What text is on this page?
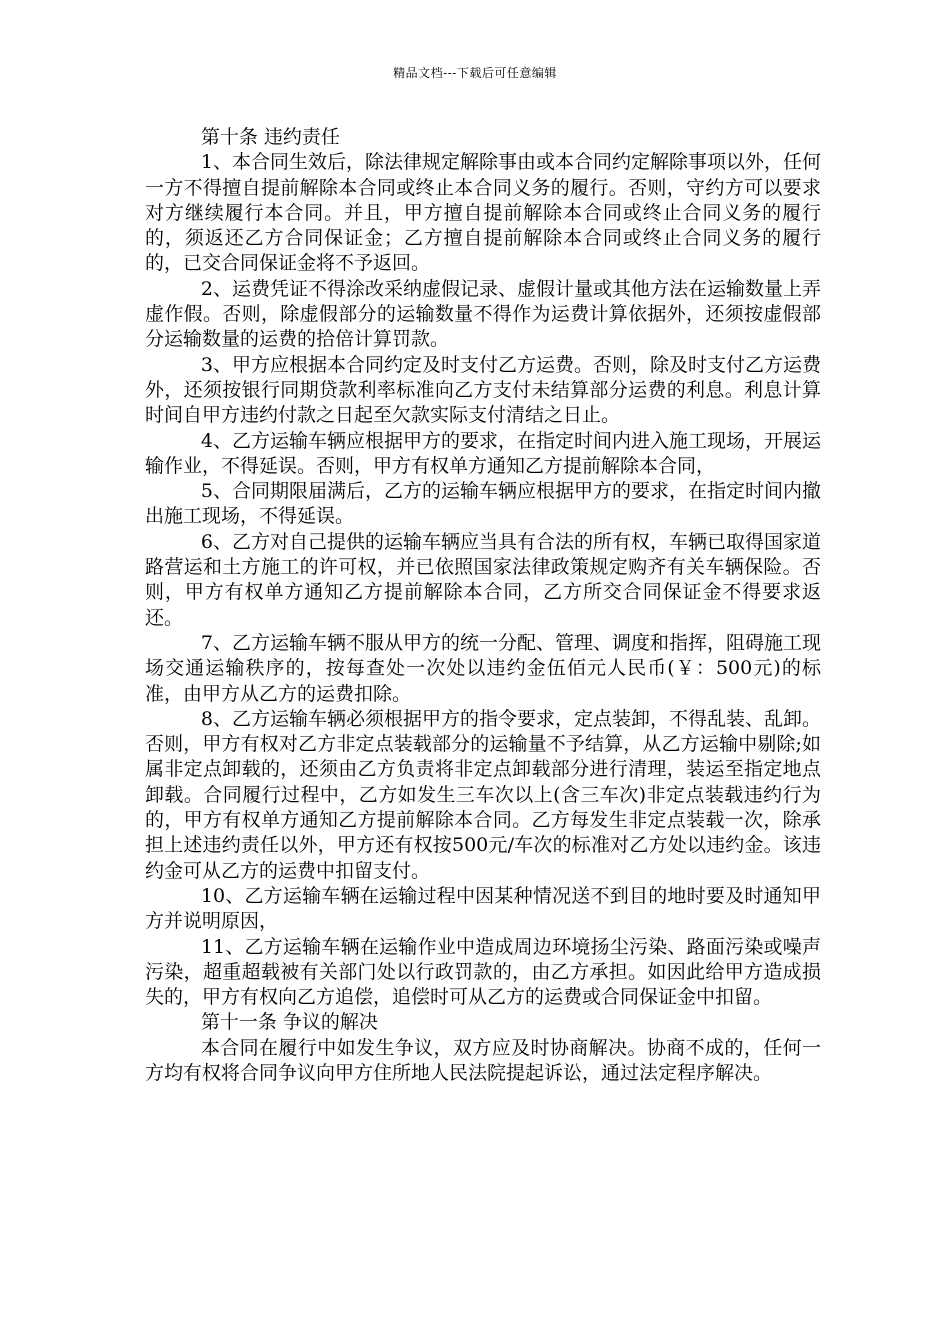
精品文档---下载后可任意编辑

第十条 违约责任

1、本合同生效后，除法律规定解除事由或本合同约定解除事项以外，任何一方不得擅自提前解除本合同或终止本合同义务的履行。否则，守约方可以要求对方继续履行本合同。并且，甲方擅自提前解除本合同或终止合同义务的履行的，须返还乙方合同保证金；乙方擅自提前解除本合同或终止合同义务的履行的，已交合同保证金将不予返回。

2、运费凭证不得涂改采纳虚假记录、虚假计量或其他方法在运输数量上弄虚作假。否则，除虚假部分的运输数量不得作为运费计算依据外，还须按虚假部分运输数量的运费的拾倍计算罚款。

3、甲方应根据本合同约定及时支付乙方运费。否则，除及时支付乙方运费外，还须按银行同期贷款利率标准向乙方支付未结算部分运费的利息。利息计算时间自甲方违约付款之日起至欠款实际支付清结之日止。

4、乙方运输车辆应根据甲方的要求，在指定时间内进入施工现场，开展运输作业，不得延误。否则，甲方有权单方通知乙方提前解除本合同，

5、合同期限届满后，乙方的运输车辆应根据甲方的要求，在指定时间内撤出施工现场，不得延误。

6、乙方对自己提供的运输车辆应当具有合法的所有权，车辆已取得国家道路营运和土方施工的许可权，并已依照国家法律政策规定购齐有关车辆保险。否则，甲方有权单方通知乙方提前解除本合同，乙方所交合同保证金不得要求返还。

7、乙方运输车辆不服从甲方的统一分配、管理、调度和指挥，阻碍施工现场交通运输秩序的，按每查处一次处以违约金伍佰元人民币(￥：500元)的标准，由甲方从乙方的运费扣除。

8、乙方运输车辆必须根据甲方的指令要求，定点装卸，不得乱装、乱卸。否则，甲方有权对乙方非定点装载部分的运输量不予结算，从乙方运输中剔除;如属非定点卸载的，还须由乙方负责将非定点卸载部分进行清理，装运至指定地点卸载。合同履行过程中，乙方如发生三车次以上(含三车次)非定点装载违约行为的，甲方有权单方通知乙方提前解除本合同。乙方每发生非定点装载一次，除承担上述违约责任以外，甲方还有权按500元/车次的标准对乙方处以违约金。该违约金可从乙方的运费中扣留支付。

10、乙方运输车辆在运输过程中因某种情况送不到目的地时要及时通知甲方并说明原因，

11、乙方运输车辆在运输作业中造成周边环境扬尘污染、路面污染或噪声污染，超重超载被有关部门处以行政罚款的，由乙方承担。如因此给甲方造成损失的，甲方有权向乙方追偿，追偿时可从乙方的运费或合同保证金中扣留。

第十一条 争议的解决

本合同在履行中如发生争议，双方应及时协商解决。协商不成的，任何一方均有权将合同争议向甲方住所地人民法院提起诉讼，通过法定程序解决。
